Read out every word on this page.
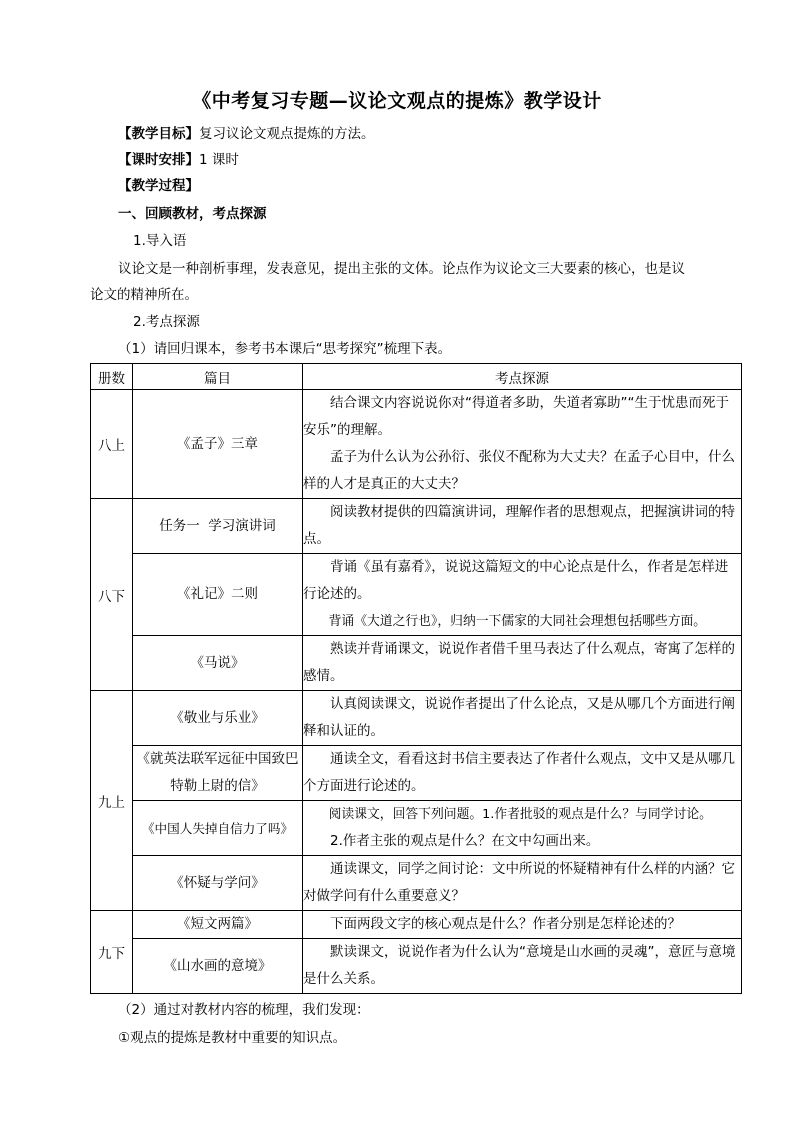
《中考复习专题—议论文观点的提炼》教学设计
【教学目标】复习议论文观点提炼的方法。
【课时安排】1 课时
【教学过程】
一、回顾教材，考点探源
1.导入语
议论文是一种剖析事理，发表意见，提出主张的文体。论点作为议论文三大要素的核心，也是议
论文的精神所在。
2.考点探源
（1）请回归课本，参考书本课后“思考探究”梳理下表。
册数	篇目	考点探源
八上	《孟子》三章	结合课文内容说说你对“得道者多助，失道者寡助”“生于忧患而死于安乐”的理解。

孟子为什么认为公孙衍、张仪不配称为大丈夫？在孟子心目中，什么样的人才是真正的大丈夫？

八下	任务一  学习演讲词	阅读教材提供的四篇演讲词，理解作者的思想观点，把握演讲词的特点。

	《礼记》二则	背诵《虽有嘉肴》，说说这篇短文的中心论点是什么，作者是怎样进行论述的。

背诵《大道之行也》，归纳一下儒家的大同社会理想包括哪些方面。

	《马说》	熟读并背诵课文，说说作者借千里马表达了什么观点，寄寓了怎样的感情。

九上	《敬业与乐业》	认真阅读课文，说说作者提出了什么论点，又是从哪几个方面进行阐释和认证的。

	《就英法联军远征中国致巴特勒上尉的信》	通读全文，看看这封书信主要表达了作者什么观点，文中又是从哪几个方面进行论述的。

	《中国人失掉自信力了吗》	阅读课文，回答下列问题。1.作者批驳的观点是什么？与同学讨论。

2.作者主张的观点是什么？在文中勾画出来。

	《怀疑与学问》	通读课文，同学之间讨论：文中所说的怀疑精神有什么样的内涵？它对做学问有什么重要意义？

九下	《短文两篇》	下面两段文字的核心观点是什么？作者分别是怎样论述的？

	《山水画的意境》	默读课文，说说作者为什么认为“意境是山水画的灵魂”，意匠与意境是什么关系。

（2）通过对教材内容的梳理，我们发现：
①观点的提炼是教材中重要的知识点。
